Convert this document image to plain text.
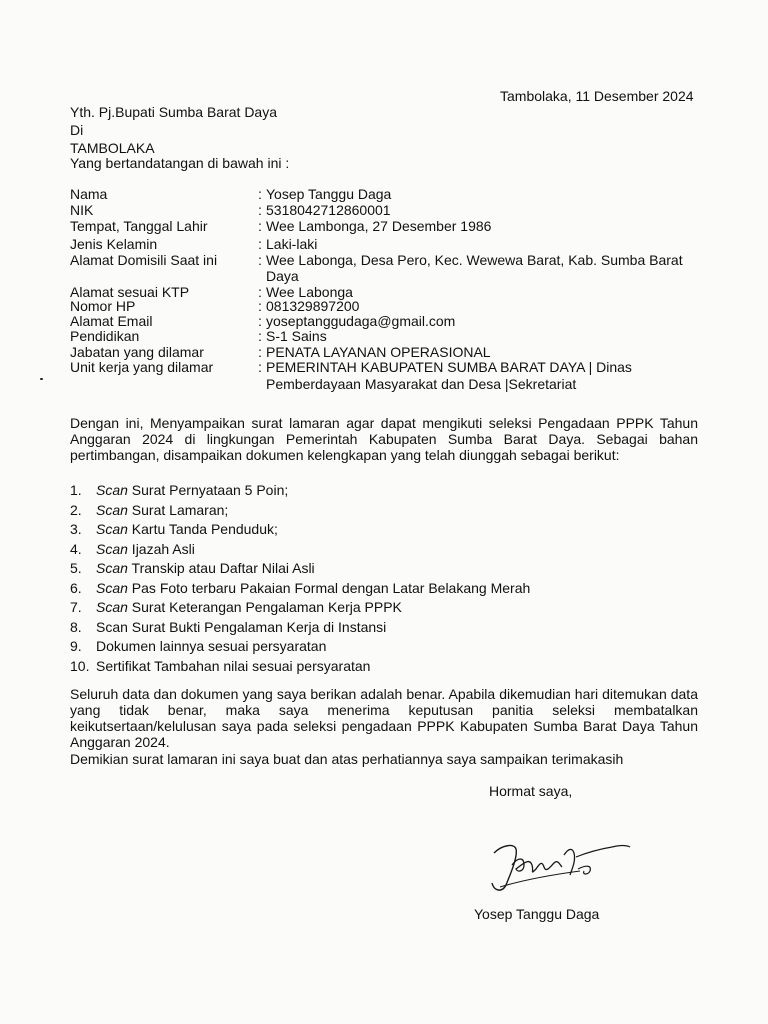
Tambolaka, 11 Desember 2024
Yth. Pj.Bupati Sumba Barat Daya
Di
TAMBOLAKA
Yang bertandatangan di bawah ini :
Nama	: Yosep Tanggu Daga
NIK	: 5318042712860001
Tempat, Tanggal Lahir	: Wee Lambonga, 27 Desember 1986
Jenis Kelamin	: Laki-laki
Alamat Domisili Saat ini	: Wee Labonga, Desa Pero, Kec. Wewewa Barat, Kab. Sumba Barat
Daya
Alamat sesuai KTP	: Wee Labonga
Nomor HP	: 081329897200
Alamat Email	: yoseptanggudaga@gmail.com
Pendidikan	: S-1 Sains
Jabatan yang dilamar	: PENATA LAYANAN OPERASIONAL
Unit kerja yang dilamar	: PEMERINTAH KABUPATEN SUMBA BARAT DAYA | Dinas
Pemberdayaan Masyarakat dan Desa |Sekretariat
Dengan ini, Menyampaikan surat lamaran agar dapat mengikuti seleksi Pengadaan PPPK Tahun Anggaran 2024 di lingkungan Pemerintah Kabupaten Sumba Barat Daya. Sebagai bahan pertimbangan, disampaikan dokumen kelengkapan yang telah diunggah sebagai berikut:
1. Scan Surat Pernyataan 5 Poin;
2. Scan Surat Lamaran;
3. Scan Kartu Tanda Penduduk;
4. Scan Ijazah Asli
5. Scan Transkip atau Daftar Nilai Asli
6. Scan Pas Foto terbaru Pakaian Formal dengan Latar Belakang Merah
7. Scan Surat Keterangan Pengalaman Kerja PPPK
8. Scan Surat Bukti Pengalaman Kerja di Instansi
9. Dokumen lainnya sesuai persyaratan
10. Sertifikat Tambahan nilai sesuai persyaratan
Seluruh data dan dokumen yang saya berikan adalah benar. Apabila dikemudian hari ditemukan data yang tidak benar, maka saya menerima keputusan panitia seleksi membatalkan keikutsertaan/kelulusan saya pada seleksi pengadaan PPPK Kabupaten Sumba Barat Daya Tahun Anggaran 2024.
Demikian surat lamaran ini saya buat dan atas perhatiannya saya sampaikan terimakasih
Hormat saya,
Yosep Tanggu Daga
